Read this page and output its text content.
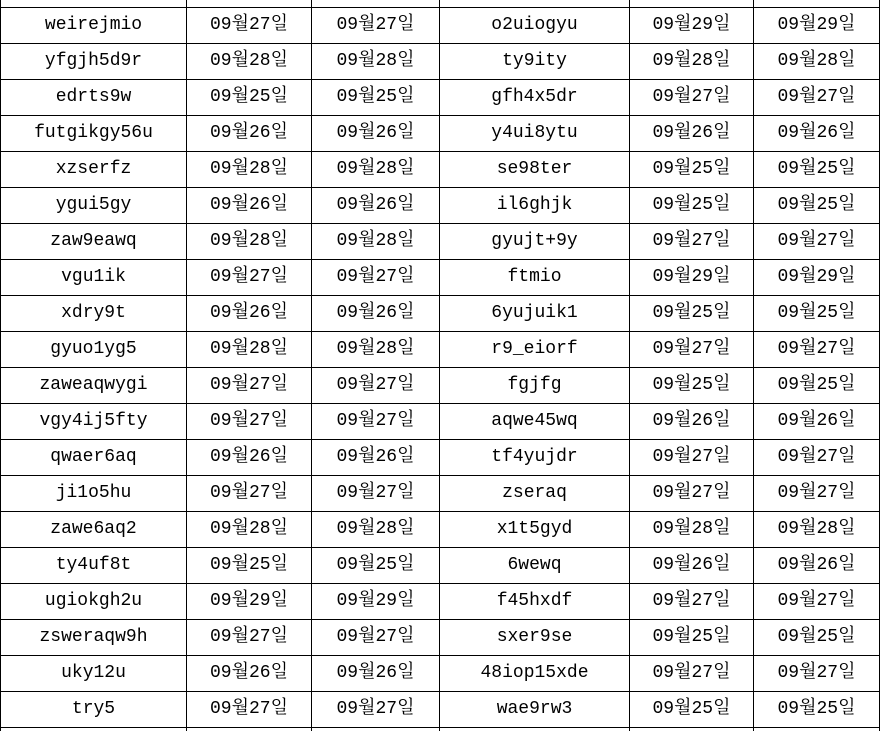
weirejmio	09월27일	09월27일	o2uiogyu	09월29일	09월29일
yfgjh5d9r	09월28일	09월28일	ty9ity	09월28일	09월28일
edrts9w	09월25일	09월25일	gfh4x5dr	09월27일	09월27일
futgikgy56u	09월26일	09월26일	y4ui8ytu	09월26일	09월26일
xzserfz	09월28일	09월28일	se98ter	09월25일	09월25일
ygui5gy	09월26일	09월26일	il6ghjk	09월25일	09월25일
zaw9eawq	09월28일	09월28일	gyujt+9y	09월27일	09월27일
vgu1ik	09월27일	09월27일	ftmio	09월29일	09월29일
xdry9t	09월26일	09월26일	6yujuik1	09월25일	09월25일
gyuo1yg5	09월28일	09월28일	r9_eiorf	09월27일	09월27일
zaweaqwygi	09월27일	09월27일	fgjfg	09월25일	09월25일
vgy4ij5fty	09월27일	09월27일	aqwe45wq	09월26일	09월26일
qwaer6aq	09월26일	09월26일	tf4yujdr	09월27일	09월27일
ji1o5hu	09월27일	09월27일	zseraq	09월27일	09월27일
zawe6aq2	09월28일	09월28일	x1t5gyd	09월28일	09월28일
ty4uf8t	09월25일	09월25일	6wewq	09월26일	09월26일
ugiokgh2u	09월29일	09월29일	f45hxdf	09월27일	09월27일
zsweraqw9h	09월27일	09월27일	sxer9se	09월25일	09월25일
uky12u	09월26일	09월26일	48iop15xde	09월27일	09월27일
try5	09월27일	09월27일	wae9rw3	09월25일	09월25일
